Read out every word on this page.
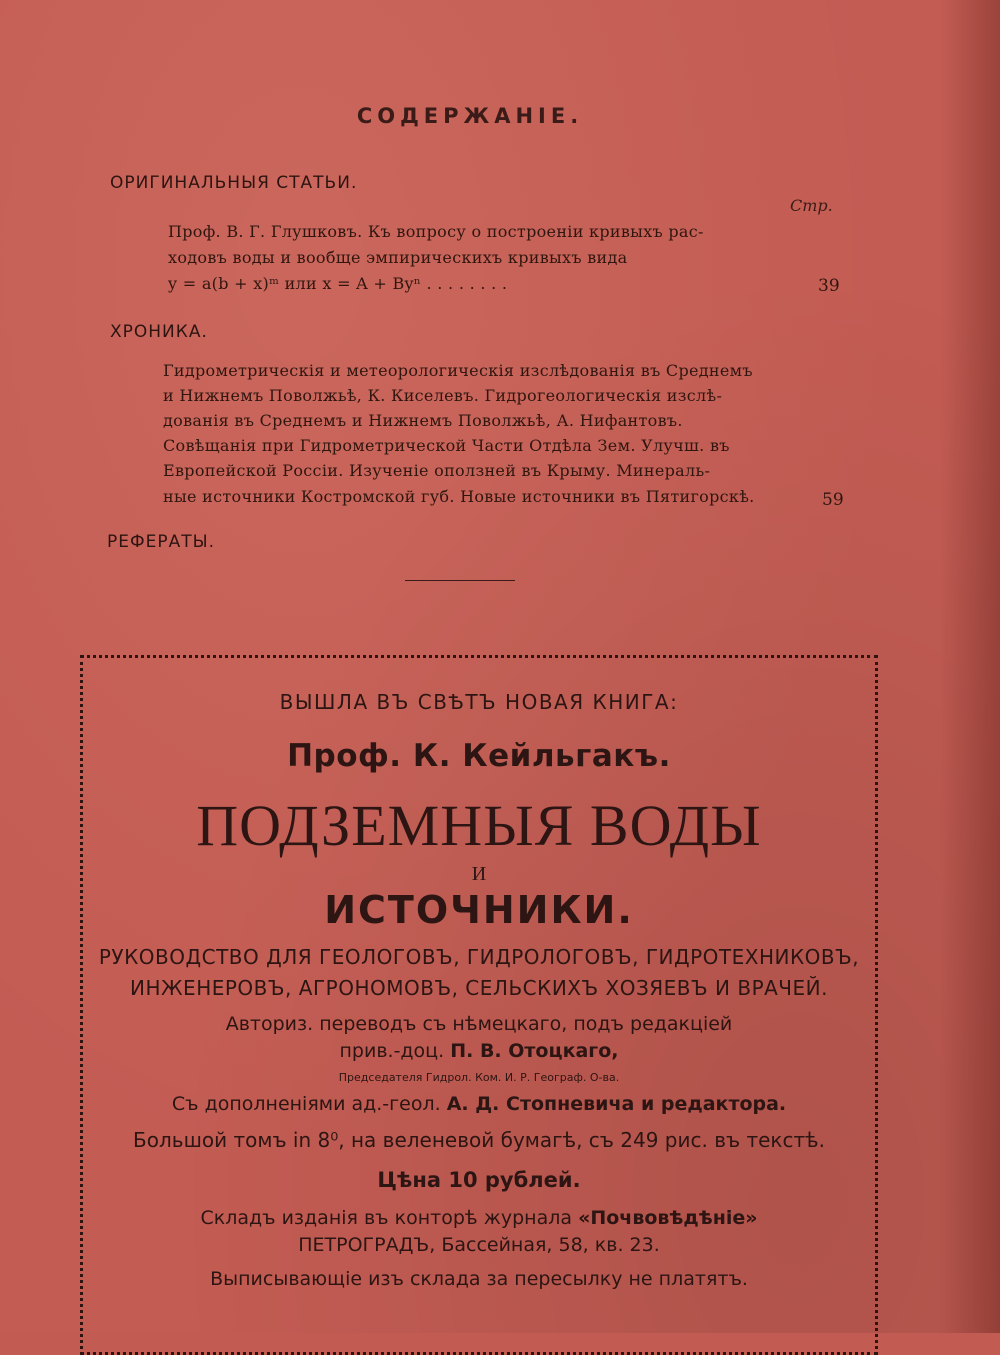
СОДЕРЖАНIЕ.
ОРИГИНАЛЬНЫЯ СТАТЬИ.
Стр.
Проф. В. Г. Глушковъ. Къ вопросу о построенiи кривыхъ рас-
ходовъ воды и вообще эмпирическихъ кривыхъ вида
y = a(b + x)ᵐ или x = A + Byⁿ . . . . . . . .	39
ХРОНИКА.
Гидрометрическiя и метеорологическiя изслѣдованiя въ Среднемъ
и Нижнемъ Поволжьѣ, К. Киселевъ. Гидрогеологическiя изслѣ-
дованiя въ Среднемъ и Нижнемъ Поволжьѣ, А. Нифантовъ.
Совѣщанiя при Гидрометрической Части Отдѣла Зем. Улучш. въ
Европейской Россiи. Изученiе оползней въ Крыму. Минераль-
ные источники Костромской губ. Новые источники въ Пятигорскѣ.	59
РЕФЕРАТЫ.
ВЫШЛА ВЪ СВѢТЪ НОВАЯ КНИГА:
Проф. К. Кейльгакъ.
ПОДЗЕМНЫЯ ВОДЫ
И
ИСТОЧНИКИ.
РУКОВОДСТВО ДЛЯ ГЕОЛОГОВЪ, ГИДРОЛОГОВЪ, ГИДРОТЕХНИКОВЪ,
ИНЖЕНЕРОВЪ, АГРОНОМОВЪ, СЕЛЬСКИХЪ ХОЗЯЕВЪ И ВРАЧЕЙ.
Авториз. переводъ съ нѣмецкаго, подъ редакцiей
прив.-доц. П. В. Отоцкаго,
Председателя Гидрол. Ком. И. Р. Географ. О-ва.
Съ дополненiями ад.-геол. А. Д. Стопневича и редактора.
Большой томъ in 8⁰, на веленевой бумагѣ, съ 249 рис. въ текстѣ.
Цѣна 10 рублей.
Складъ изданiя въ конторѣ журнала «Почвовѣдѣнiе»
ПЕТРОГРАДЪ, Бассейная, 58, кв. 23.
Выписывающiе изъ склада за пересылку не платятъ.
